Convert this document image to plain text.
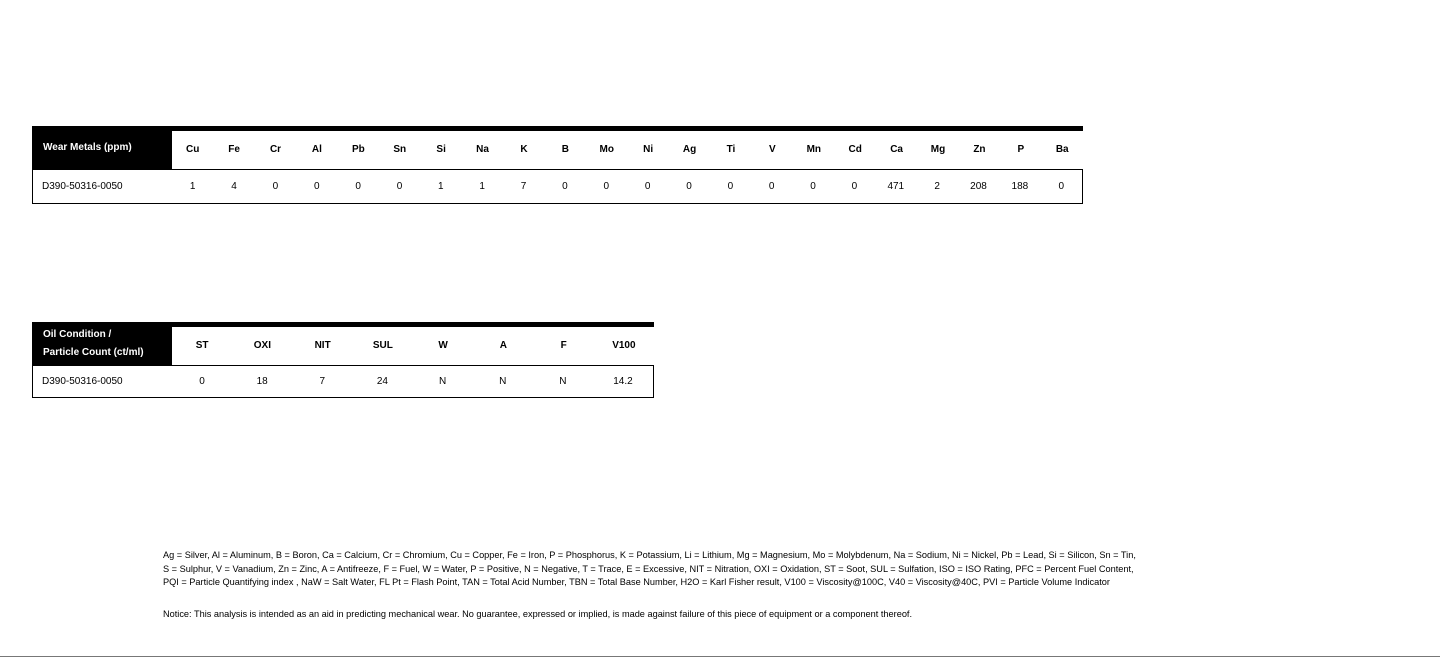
Wear Metals (ppm)	Cu	Fe	Cr	Al	Pb	Sn	Si	Na	K	B	Mo	Ni	Ag	Ti	V	Mn	Cd	Ca	Mg	Zn	P	Ba
D390-50316-0050	1	4	0	0	0	0	1	1	7	0	0	0	0	0	0	0	0	471	2	208	188	0
Oil Condition /
Particle Count (ct/ml)
ST	OXI	NIT	SUL	W	A	F	V100
D390-50316-0050	0	18	7	24	N	N	N	14.2
Ag = Silver, Al = Aluminum, B = Boron, Ca = Calcium, Cr = Chromium, Cu = Copper, Fe = Iron, P = Phosphorus, K = Potassium, Li = Lithium, Mg = Magnesium, Mo = Molybdenum, Na = Sodium, Ni = Nickel, Pb = Lead, Si = Silicon, Sn = Tin,
S = Sulphur, V = Vanadium, Zn = Zinc, A = Antifreeze, F = Fuel, W = Water, P = Positive, N = Negative, T = Trace, E = Excessive, NIT = Nitration, OXI = Oxidation, ST = Soot, SUL = Sulfation, ISO = ISO Rating, PFC = Percent Fuel Content,
PQI = Particle Quantifying index , NaW = Salt Water, FL Pt = Flash Point, TAN = Total Acid Number, TBN = Total Base Number, H2O = Karl Fisher result, V100 = Viscosity@100C, V40 = Viscosity@40C, PVI = Particle Volume Indicator
Notice: This analysis is intended as an aid in predicting mechanical wear. No guarantee, expressed or implied, is made against failure of this piece of equipment or a component thereof.
